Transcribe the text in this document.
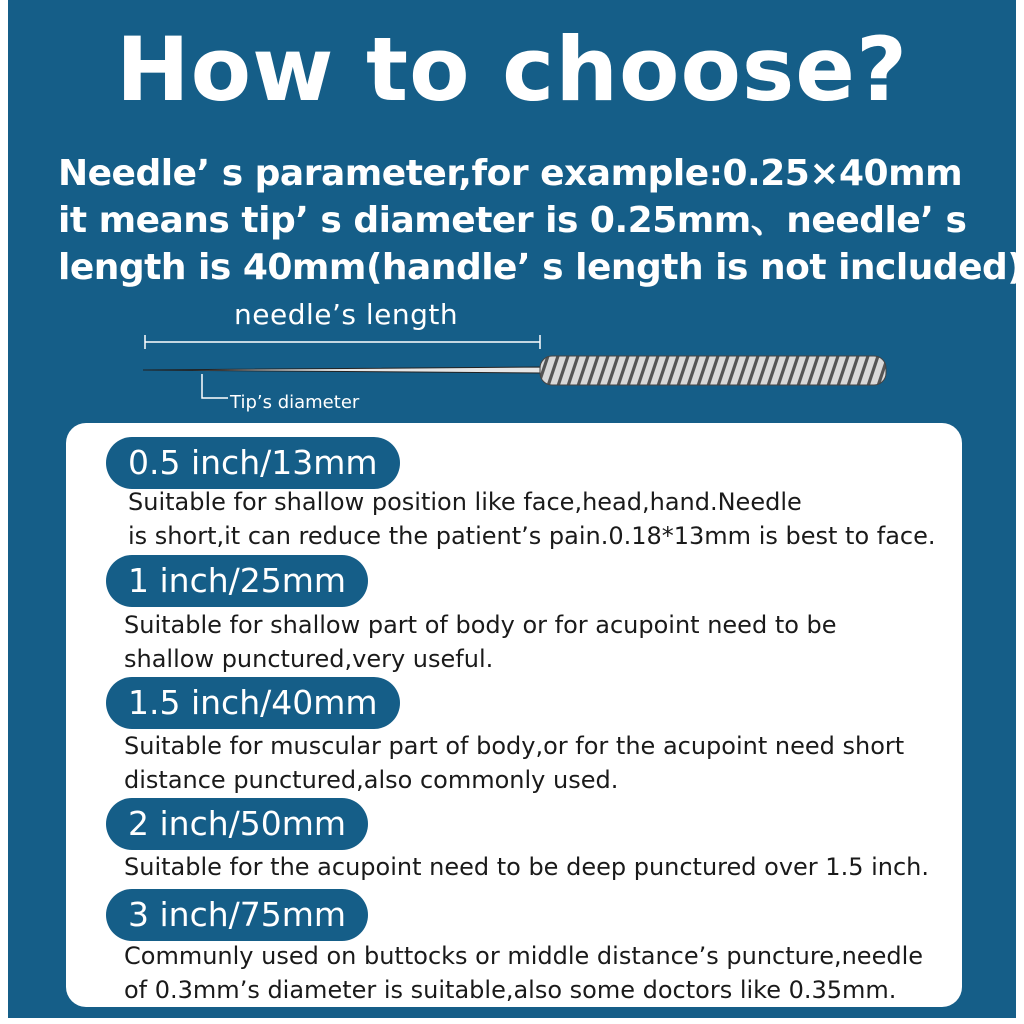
How to choose?
Needle’ s parameter,for example:0.25×40mm
it means tip’ s diameter is 0.25mm、needle’ s
length is 40mm(handle’ s length is not included)
needle’s length
Tip’s diameter
0.5 inch/13mm
Suitable for shallow position like face,head,hand.Needle
is short,it can reduce the patient’s pain.0.18*13mm is best to face.
1 inch/25mm
Suitable for shallow part of body or for acupoint need to be
shallow punctured,very useful.
1.5 inch/40mm
Suitable for muscular part of body,or for the acupoint need short
distance punctured,also commonly used.
2 inch/50mm
Suitable for the acupoint need to be deep punctured over 1.5 inch.
3 inch/75mm
Communly used on buttocks or middle distance’s puncture,needle
of 0.3mm’s diameter is suitable,also some doctors like 0.35mm.
